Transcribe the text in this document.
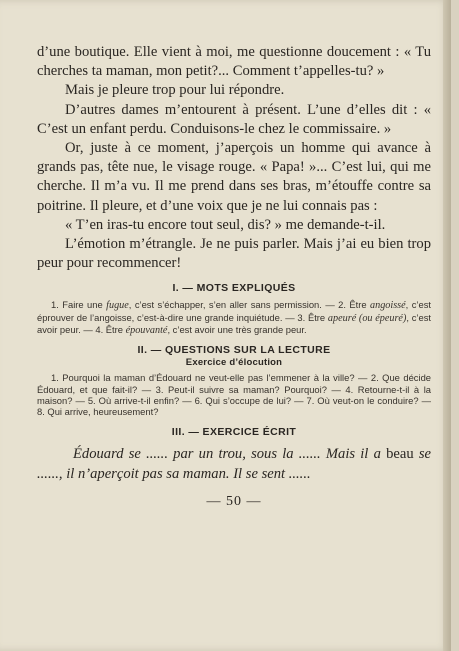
d’une boutique. Elle vient à moi, me questionne doucement : « Tu cherches ta maman, mon petit?... Comment t’appelles-tu? »

Mais je pleure trop pour lui répondre.

D’autres dames m’entourent à présent. L’une d’elles dit : « C’est un enfant perdu. Conduisons-le chez le commissaire. »

Or, juste à ce moment, j’aperçois un homme qui avance à grands pas, tête nue, le visage rouge. « Papa! »... C’est lui, qui me cherche. Il m’a vu. Il me prend dans ses bras, m’étouffe contre sa poitrine. Il pleure, et d’une voix que je ne lui connais pas :

« T’en iras-tu encore tout seul, dis? » me demande-t-il.

L’émotion m’étrangle. Je ne puis parler. Mais j’ai eu bien trop peur pour recommencer!

I. — MOTS EXPLIQUÉS

1. Faire une fugue, c’est s’échapper, s’en aller sans permission. — 2. Être angoissé, c’est éprouver de l’angoisse, c’est-à-dire une grande inquiétude. — 3. Être apeuré (ou épeuré), c’est avoir peur. — 4. Être épouvanté, c’est avoir une très grande peur.

II. — QUESTIONS SUR LA LECTURE

Exercice d’élocution

1. Pourquoi la maman d’Édouard ne veut-elle pas l’emmener à la ville? — 2. Que décide Édouard, et que fait-il? — 3. Peut-il suivre sa maman? Pourquoi? — 4. Retourne-t-il à la maison? — 5. Où arrive-t-il enfin? — 6. Qui s’occupe de lui? — 7. Où veut-on le conduire? — 8. Qui arrive, heureusement?

III. — EXERCICE ÉCRIT

Édouard se ...... par un trou, sous la ...... Mais il a beau se ......, il n’aperçoit pas sa maman. Il se sent ......

— 50 —
